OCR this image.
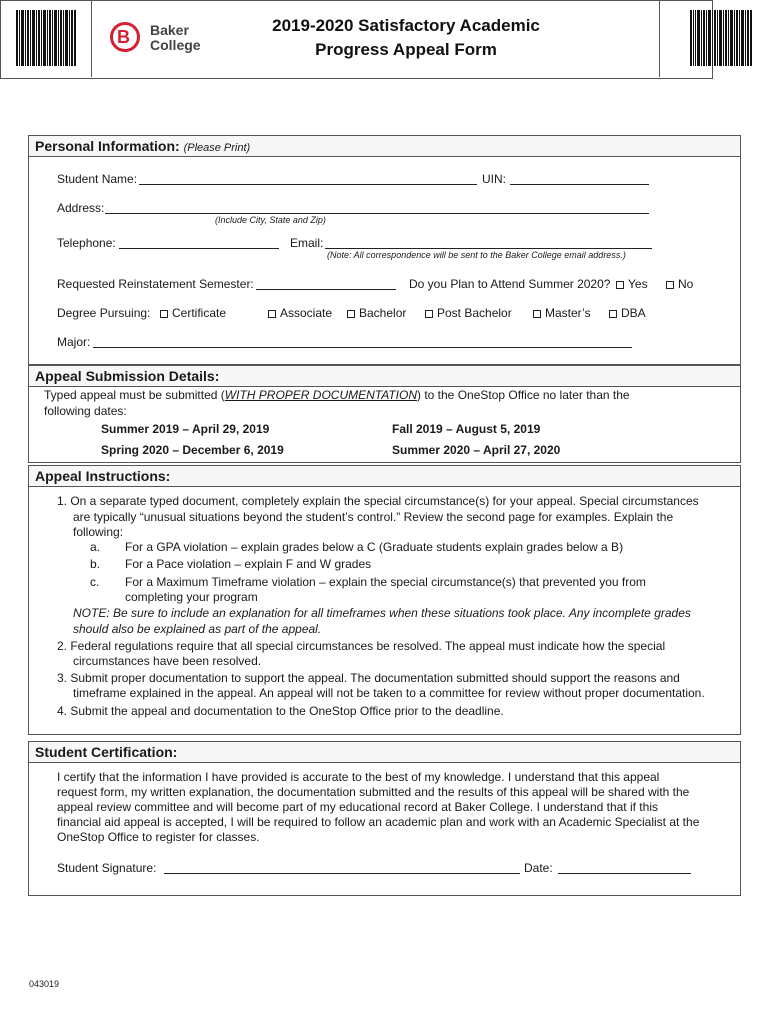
B Baker
College
2019-2020 Satisfactory Academic
Progress Appeal Form
Personal Information: (Please Print)
Student Name:	UIN:
Address:
(Include City, State and Zip)
Telephone:	Email:
(Note: All correspondence will be sent to the Baker College email address.)
Requested Reinstatement Semester:	Do you Plan to Attend Summer 2020?	Yes	No
Degree Pursuing:	Certificate	Associate	Bachelor	Post Bachelor	Master’s	DBA
Major:
Appeal Submission Details:
Typed appeal must be submitted (WITH PROPER DOCUMENTATION) to the OneStop Office no later than the
following dates:
Summer 2019 – April 29, 2019	Fall 2019 – August 5, 2019
Spring 2020 – December 6, 2019	Summer 2020 – April 27, 2020
Appeal Instructions:
1. On a separate typed document, completely explain the special circumstance(s) for your appeal. Special circumstances
are typically “unusual situations beyond the student’s control.” Review the second page for examples. Explain the
following:
a. For a GPA violation – explain grades below a C (Graduate students explain grades below a B)
b. For a Pace violation – explain F and W grades
c. For a Maximum Timeframe violation – explain the special circumstance(s) that prevented you from
completing your program
NOTE: Be sure to include an explanation for all timeframes when these situations took place. Any incomplete grades
should also be explained as part of the appeal.
2. Federal regulations require that all special circumstances be resolved. The appeal must indicate how the special
circumstances have been resolved.
3. Submit proper documentation to support the appeal. The documentation submitted should support the reasons and
timeframe explained in the appeal. An appeal will not be taken to a committee for review without proper documentation.
4. Submit the appeal and documentation to the OneStop Office prior to the deadline.
Student Certification:
I certify that the information I have provided is accurate to the best of my knowledge. I understand that this appeal
request form, my written explanation, the documentation submitted and the results of this appeal will be shared with the
appeal review committee and will become part of my educational record at Baker College. I understand that if this
financial aid appeal is accepted, I will be required to follow an academic plan and work with an Academic Specialist at the
OneStop Office to register for classes.
Student Signature:	Date:
043019
